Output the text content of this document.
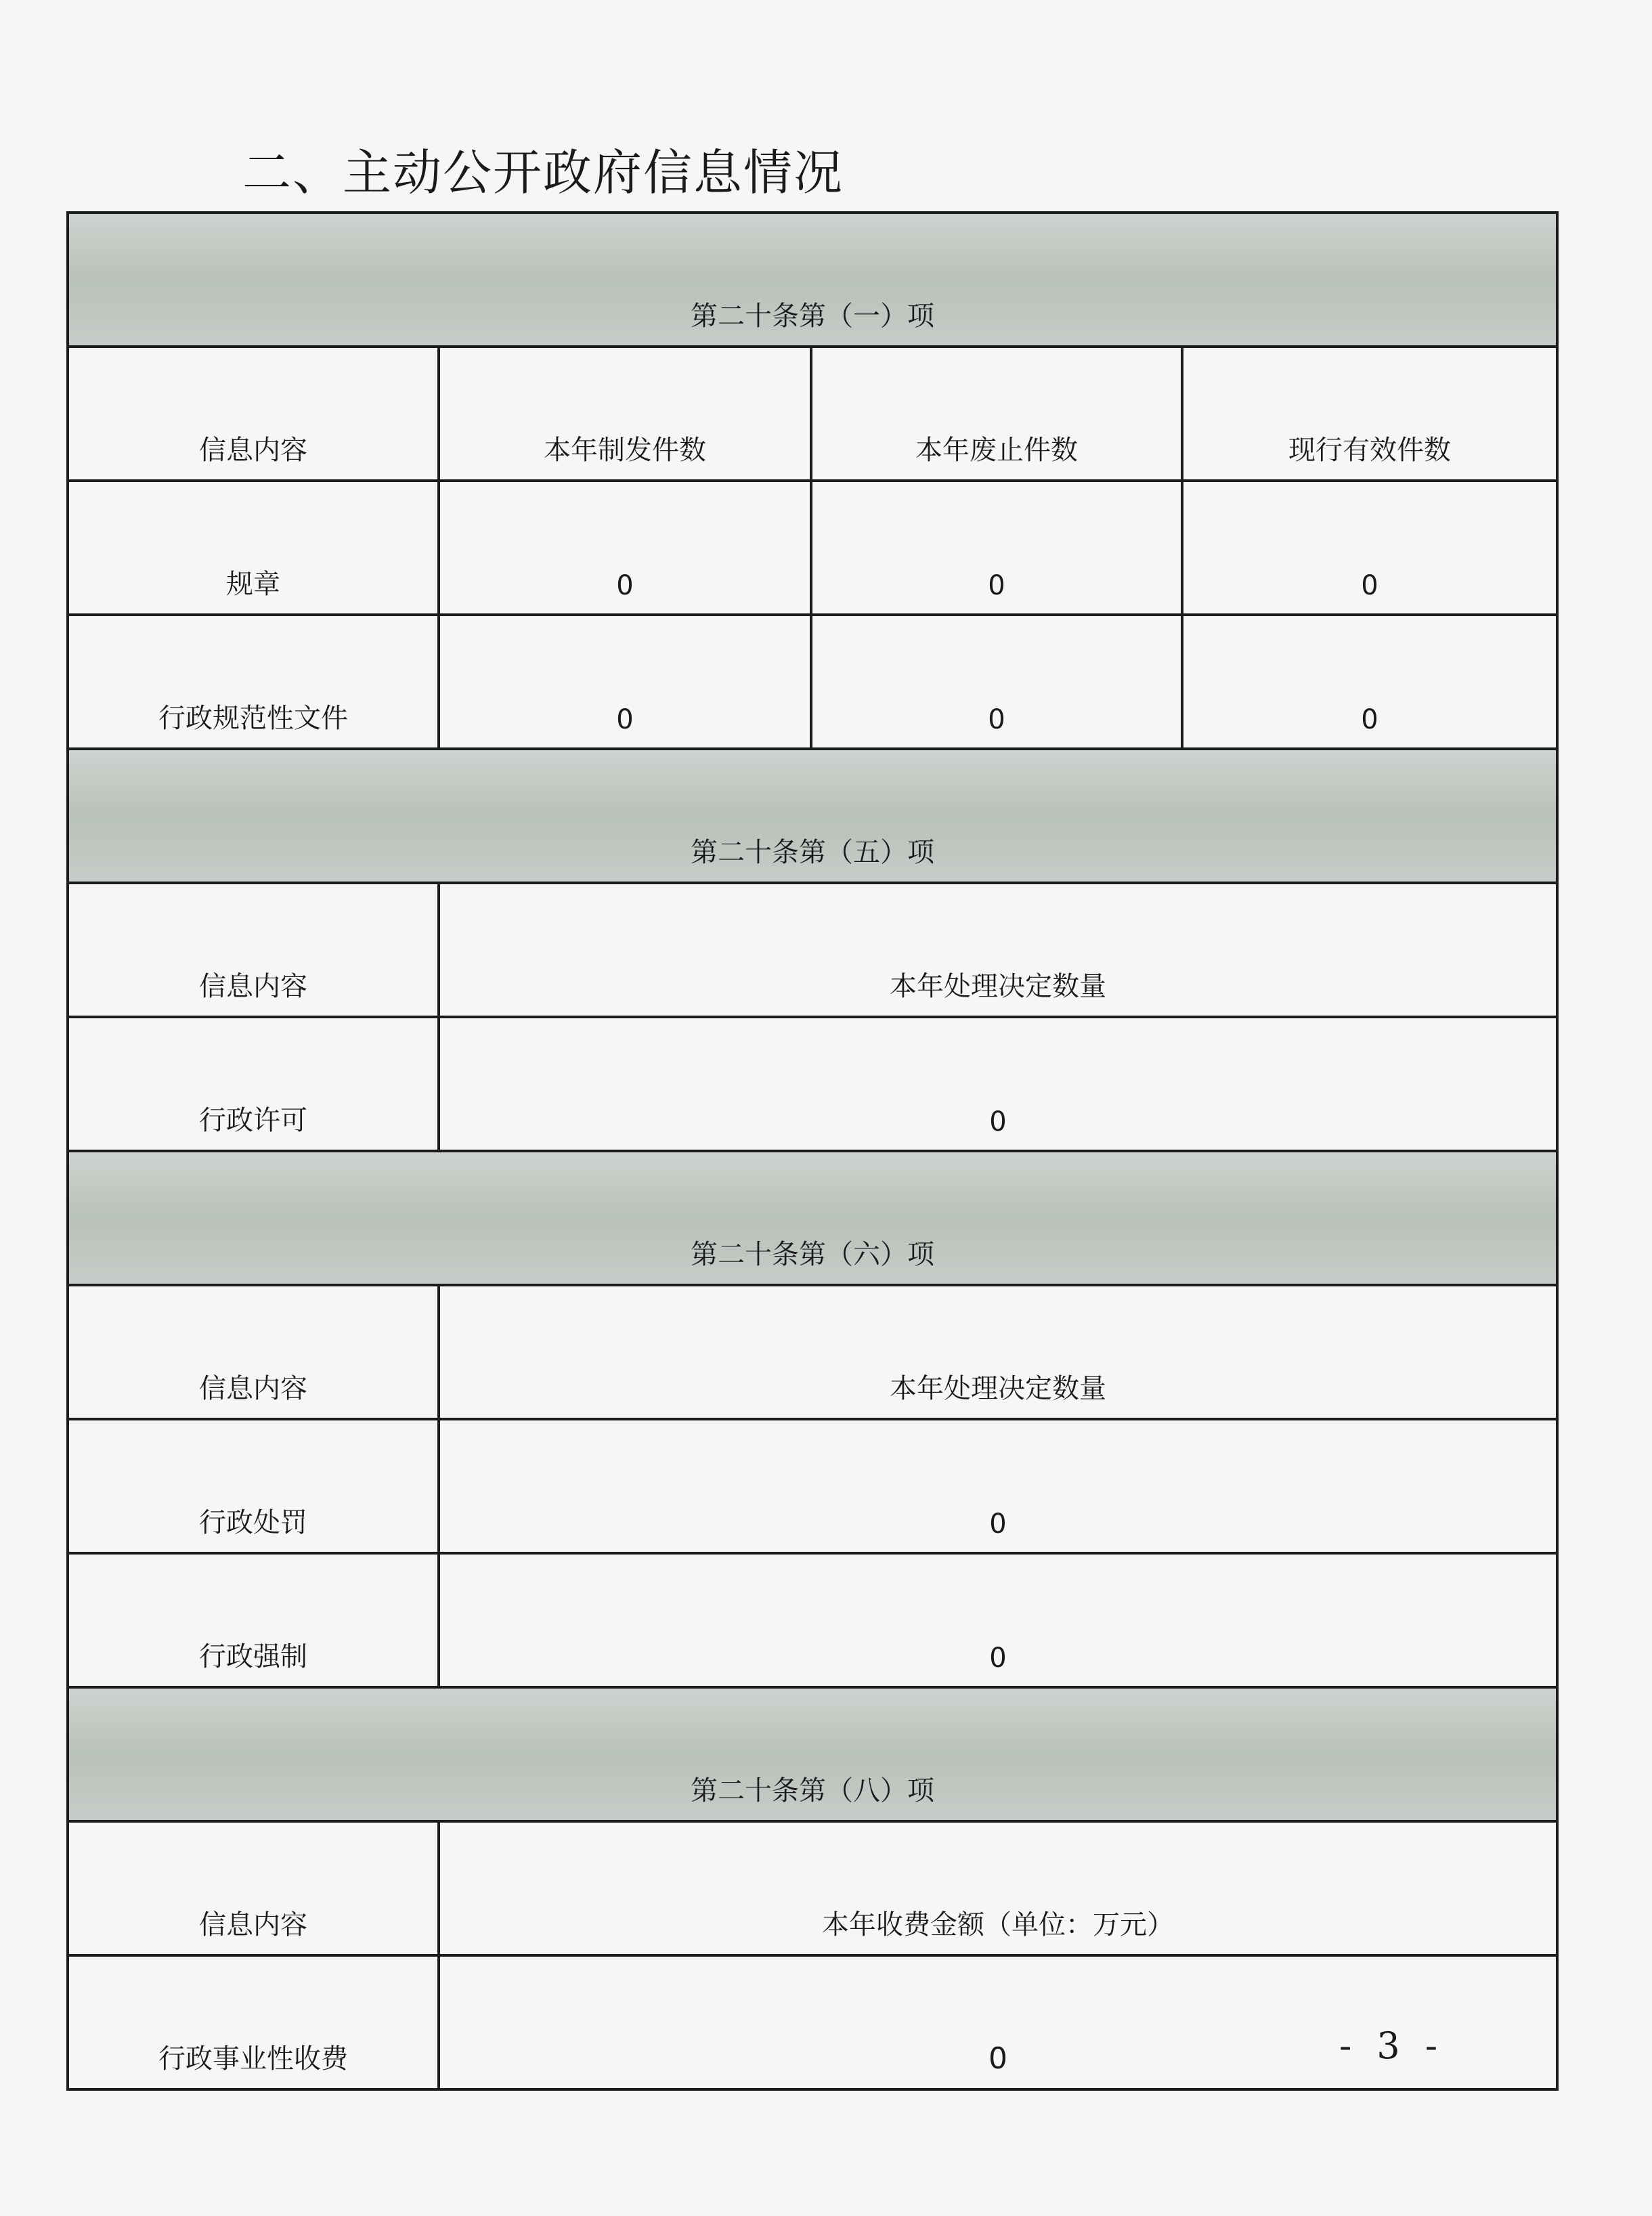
二、主动公开政府信息情况
第二十条第（一）项			
信息内容	本年制发件数	本年废止件数	现行有效件数
规章	0	0	0
行政规范性文件	0	0	0
第二十条第（五）项			
信息内容	本年处理决定数量		
行政许可	0		
第二十条第（六）项			
信息内容	本年处理决定数量		
行政处罚	0		
行政强制	0		
第二十条第（八）项			
信息内容	本年收费金额（单位：万元）		
行政事业性收费	0			- 3 -
